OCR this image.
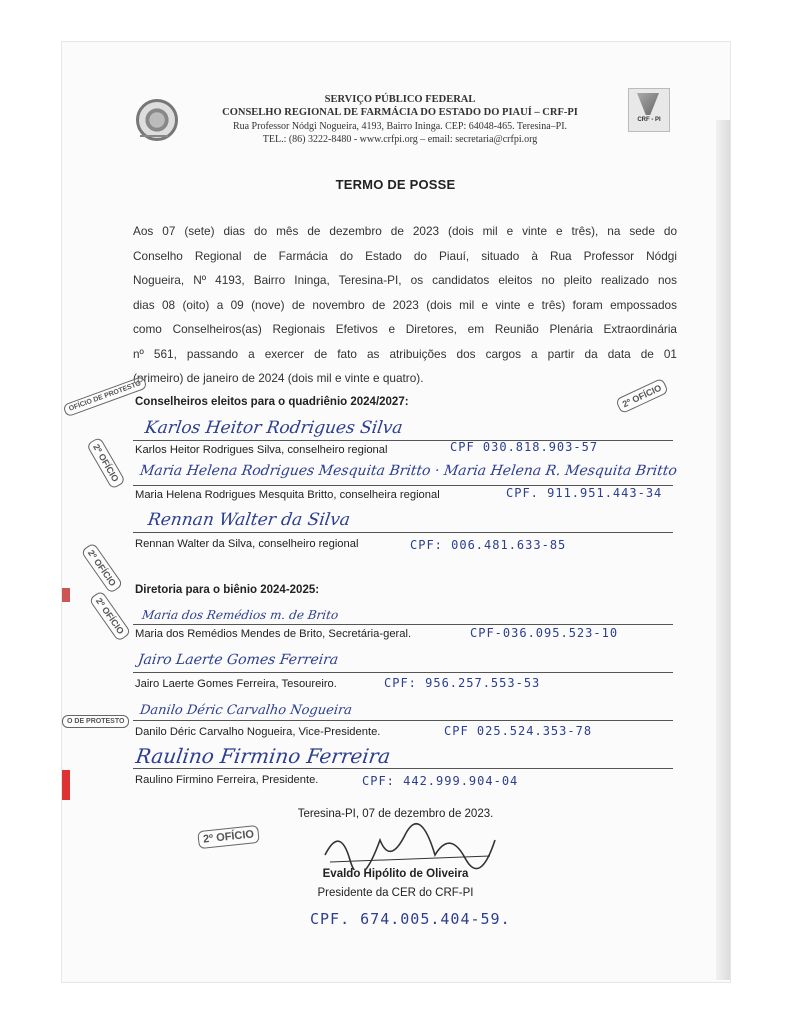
CRF - PI
SERVIÇO PÚBLICO FEDERAL
CONSELHO REGIONAL DE FARMÁCIA DO ESTADO DO PIAUÍ – CRF-PI
Rua Professor Nódgi Nogueira, 4193, Bairro Ininga. CEP: 64048-465. Teresina–PI.
TEL.: (86) 3222-8480 - www.crfpi.org – email: secretaria@crfpi.org
TERMO DE POSSE
Aos 07 (sete) dias do mês de dezembro de 2023 (dois mil e vinte e três), na sede do
Conselho Regional de Farmácia do Estado do Piauí, situado à Rua Professor Nódgi
Nogueira, Nº 4193, Bairro Ininga, Teresina-PI, os candidatos eleitos no pleito realizado nos
dias 08 (oito) a 09 (nove) de novembro de 2023 (dois mil e vinte e três) foram empossados
como Conselheiros(as) Regionais Efetivos e Diretores, em Reunião Plenária Extraordinária
nº 561, passando a exercer de fato as atribuições dos cargos a partir da data de 01
(primeiro) de janeiro de 2024 (dois mil e vinte e quatro).
Conselheiros eleitos para o quadriênio 2024/2027:
Karlos Heitor Rodrigues Silva
Karlos Heitor Rodrigues Silva, conselheiro regional	CPF 030.818.903-57
Maria Helena Rodrigues Mesquita Britto · Maria Helena R. Mesquita Britto
Maria Helena Rodrigues Mesquita Britto, conselheira regional	CPF. 911.951.443-34
Rennan Walter da Silva
Rennan Walter da Silva, conselheiro regional	CPF: 006.481.633-85
Diretoria para o biênio 2024-2025:
Maria dos Remédios m. de Brito
Maria dos Remédios Mendes de Brito, Secretária-geral.	CPF-036.095.523-10
Jairo Laerte Gomes Ferreira
Jairo Laerte Gomes Ferreira, Tesoureiro.	CPF: 956.257.553-53
Danilo Déric Carvalho Nogueira
Danilo Déric Carvalho Nogueira, Vice-Presidente.	CPF 025.524.353-78
Raulino Firmino Ferreira
Raulino Firmino Ferreira, Presidente.	CPF: 442.999.904-04
Teresina-PI, 07 de dezembro de 2023.
Evaldo Hipólito de Oliveira
Presidente da CER do CRF-PI
CPF. 674.005.404-59.
2º OFÍCIO
2º OFÍCIO
2º OFÍCIO
2º OFÍCIO
2º OFÍCIO
OFÍCIO DE PROTESTO
O DE PROTESTO
